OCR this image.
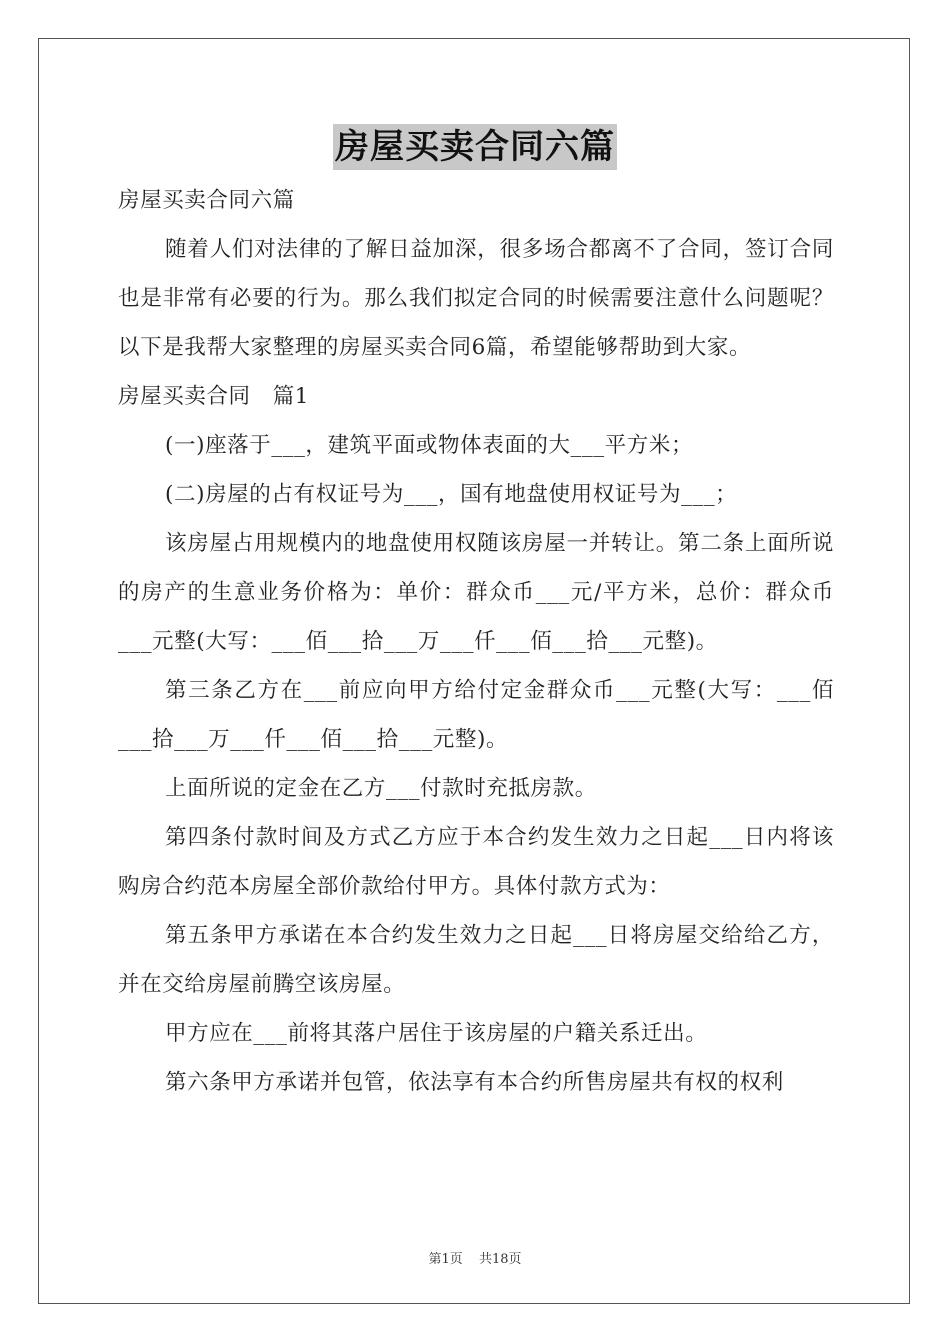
房屋买卖合同六篇

房屋买卖合同六篇

随着人们对法律的了解日益加深，很多场合都离不了合同，签订合同也是非常有必要的行为。那么我们拟定合同的时候需要注意什么问题呢？以下是我帮大家整理的房屋买卖合同6篇，希望能够帮助到大家。

房屋买卖合同　篇1

(一)座落于___，建筑平面或物体表面的大___平方米；

(二)房屋的占有权证号为___，国有地盘使用权证号为___；

该房屋占用规模内的地盘使用权随该房屋一并转让。第二条上面所说的房产的生意业务价格为：单价：群众币___元/平方米，总价：群众币___元整(大写：___佰___拾___万___仟___佰___拾___元整)。

第三条乙方在___前应向甲方给付定金群众币___元整(大写：___佰___拾___万___仟___佰___拾___元整)。

上面所说的定金在乙方___付款时充抵房款。

第四条付款时间及方式乙方应于本合约发生效力之日起___日内将该购房合约范本房屋全部价款给付甲方。具体付款方式为：

第五条甲方承诺在本合约发生效力之日起___日将房屋交给给乙方，并在交给房屋前腾空该房屋。

甲方应在___前将其落户居住于该房屋的户籍关系迁出。

第六条甲方承诺并包管，依法享有本合约所售房屋共有权的权利

第1页 共18页
